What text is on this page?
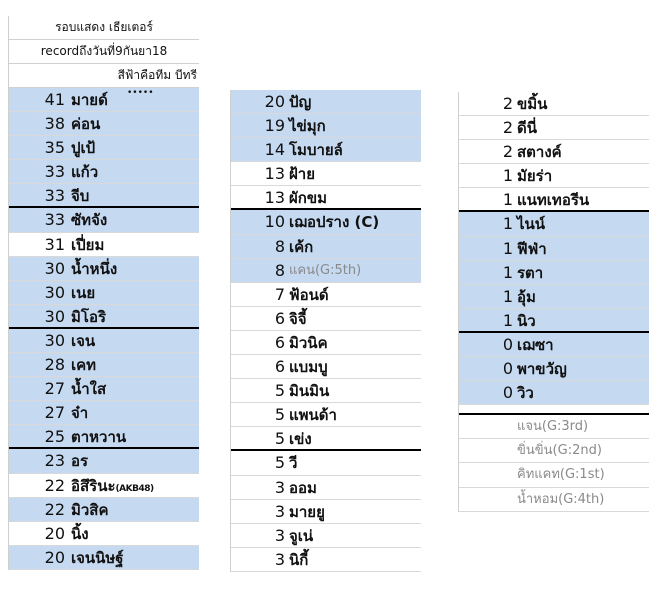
รอบแสดง เธียเตอร์
recordถึงวันที่9กันยา18
สีฟ้าคือทีม บีทรี
41 มายด์ •••••
38 ค่อน
35 ปูเป้
33 แก้ว
33 จีบ
33 ซัทจัง
31 เปี่ยม
30 น้ำหนึ่ง
30 เนย
30 มิโอริ
30 เจน
28 เคท
27 น้ำใส
27 จ๋า
25 ตาหวาน
23 อร
22 อิสึรินะ(AKB48)
22 มิวสิค
20 นิ้ง
20 เจนนิษฐ์
20 ปัญ
19 ไข่มุก
14 โมบายล์
13 ฝ้าย
13 ผักขม
10 เฌอปราง (C)
8 เค้ก
8 แคน(G:5th)
7 ฟ้อนด์
6 จิจี้
6 มิวนิค
6 แบมบู
5 มินมิน
5 แพนด้า
5 เข่ง
5 วี
3 ออม
3 มายยู
3 จูเน่
3 นิกี้
2 ขมิ้น
2 ดีนี่
2 สตางค์
1 มัยร่า
1 แนทเทอรีน
1 ไนน์
1 ฟีฟ่า
1 รตา
1 อุ้ม
1 นิว
0 เฌซา
0 พาขวัญ
0 วิว
แจน(G:3rd)
ขิ่นขิ่น(G:2nd)
คิทแคท(G:1st)
น้ำหอม(G:4th)
